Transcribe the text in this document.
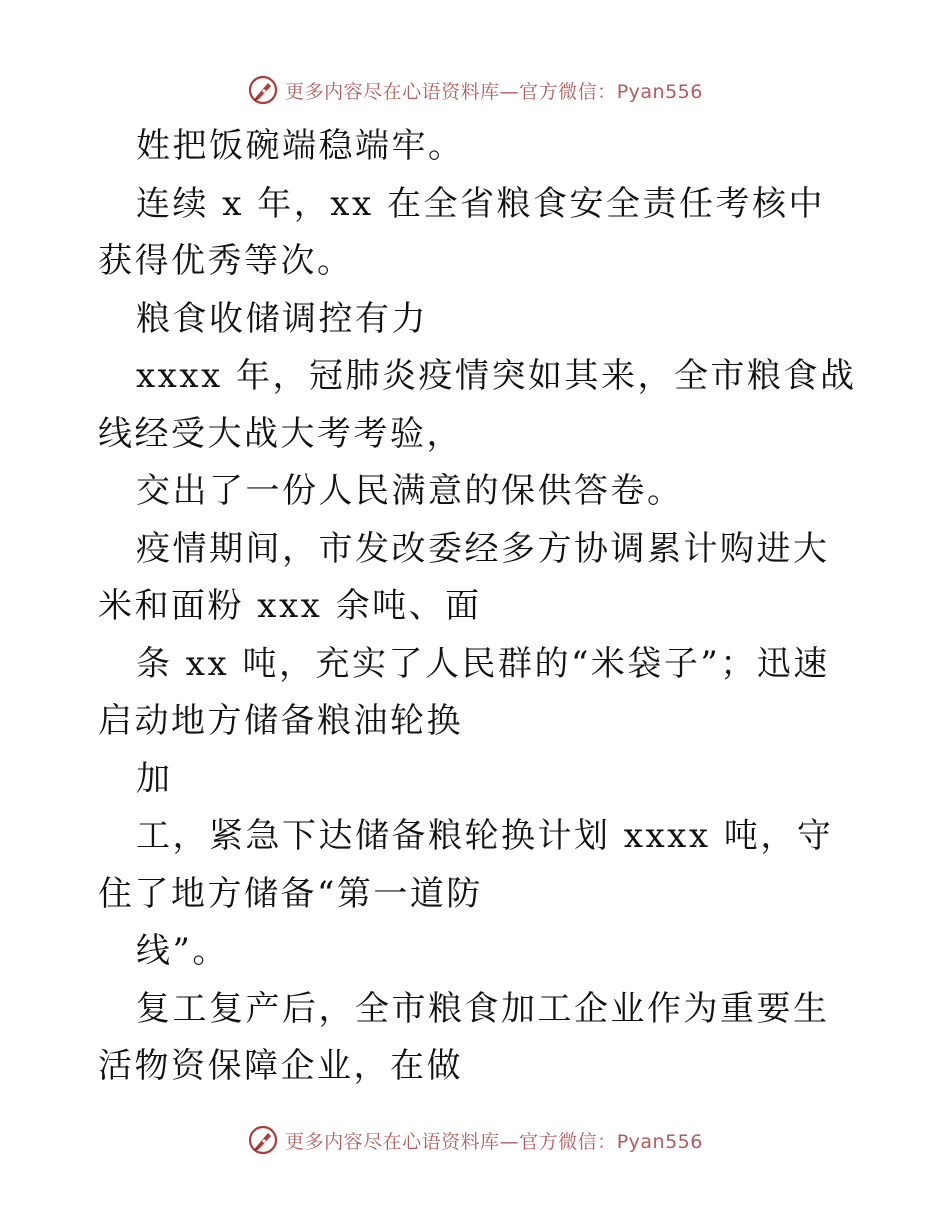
更多内容尽在心语资料库—官方微信：Pyan556

姓把饭碗端稳端牢。

连续 x 年，xx 在全省粮食安全责任考核中获得优秀等次。

粮食收储调控有力

xxxx 年，冠肺炎疫情突如其来，全市粮食战线经受大战大考考验，

交出了一份人民满意的保供答卷。

疫情期间，市发改委经多方协调累计购进大米和面粉 xxx 余吨、面

条 xx 吨，充实了人民群的“米袋子”；迅速启动地方储备粮油轮换

加

工，紧急下达储备粮轮换计划 xxxx 吨，守住了地方储备“第一道防

线”。

复工复产后，全市粮食加工企业作为重要生活物资保障企业，在做

更多内容尽在心语资料库—官方微信：Pyan556
